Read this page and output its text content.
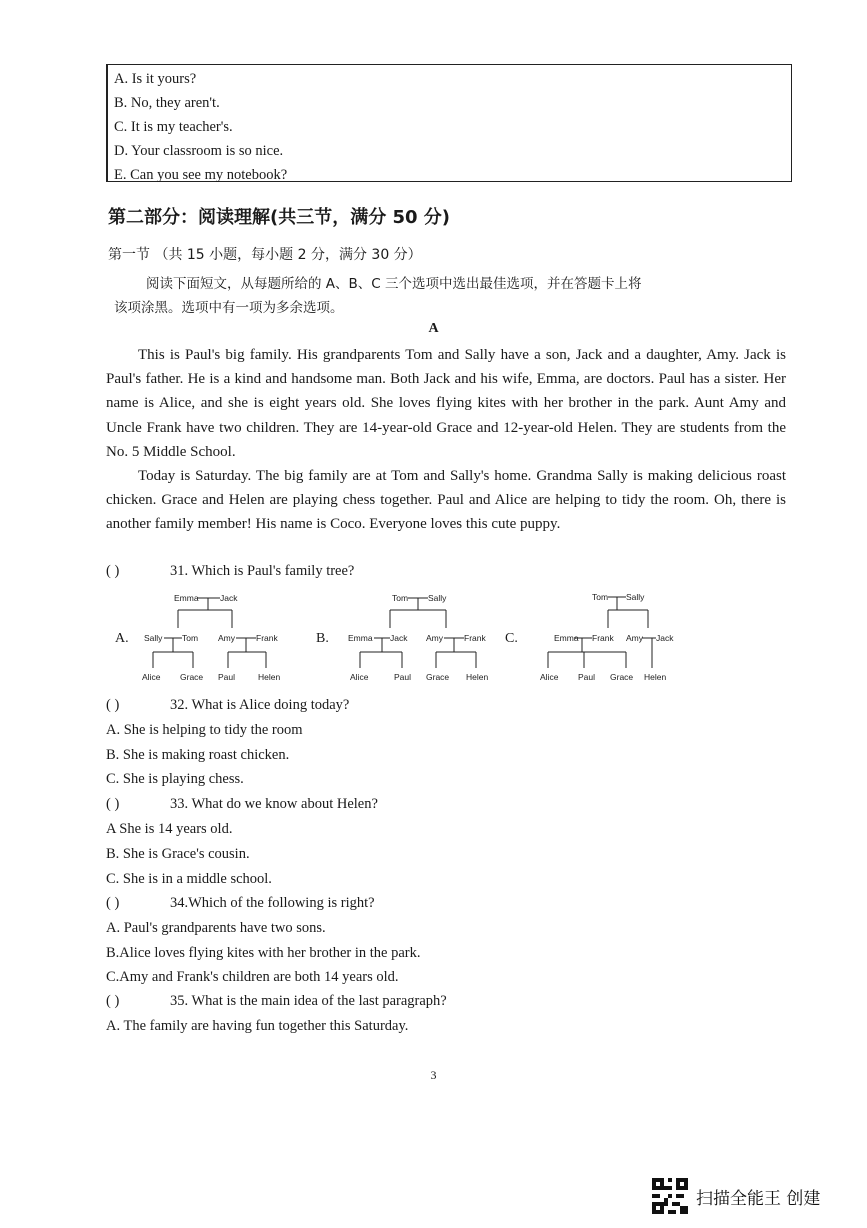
A. Is it yours?
B. No, they aren't.
C. It is my teacher's.
D. Your classroom is so nice.
E. Can you see my notebook?
第二部分：阅读理解(共三节，满分 50 分)
第一节 （共 15 小题，每小题 2 分，满分 30 分）
阅读下面短文，从每题所给的 A、B、C 三个选项中选出最佳选项，并在答题卡上将
该项涂黑。选项中有一项为多余选项。
A

This is Paul's big family. His grandparents Tom and Sally have a son, Jack and a daughter, Amy. Jack is Paul's father. He is a kind and handsome man. Both Jack and his wife, Emma, are doctors. Paul has a sister. Her name is Alice, and she is eight years old. She loves flying kites with her brother in the park. Aunt Amy and Uncle Frank have two children. They are 14-year-old Grace and 12-year-old Helen. They are students from the No. 5 Middle School.

Today is Saturday. The big family are at Tom and Sally's home. Grandma Sally is making delicious roast chicken. Grace and Helen are playing chess together. Paul and Alice are helping to tidy the room. Oh, there is another family member! His name is Coco. Everyone loves this cute puppy.

( )	31. Which is Paul's family tree?
A.
Emma	Jack
Sally Tom Amy Frank
Alice Grace Paul	Helen
B.
Tom Sally
Emma Jack Amy Frank
Alice	Paul Grace Helen
C.
Tom Sally
Emma Frank Amy Jack
Alice Paul Grace Helen
( )	32. What is Alice doing today?
A. She is helping to tidy the room
B. She is making roast chicken.
C. She is playing chess.
( )	33. What do we know about Helen?
A She is 14 years old.
B. She is Grace's cousin.
C. She is in a middle school.
( )	34.Which of the following is right?
A. Paul's grandparents have two sons.
B.Alice loves flying kites with her brother in the park.
C.Amy and Frank's children are both 14 years old.
( )	35. What is the main idea of the last paragraph?
A. The family are having fun together this Saturday.
3
扫描全能王 创建
